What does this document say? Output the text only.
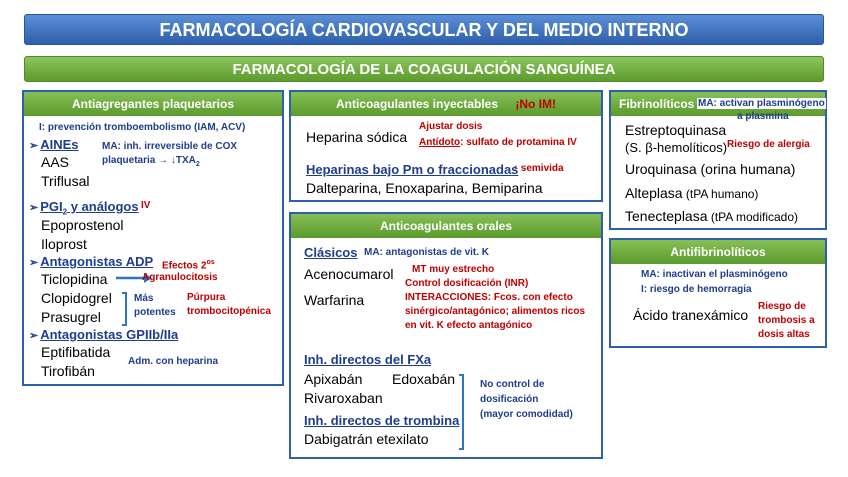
FARMACOLOGÍA CARDIOVASCULAR Y DEL MEDIO INTERNO
FARMACOLOGÍA DE LA COAGULACIÓN SANGUÍNEA
Antiagregantes plaquetarios
I: prevención tromboembolismo (IAM, ACV)
➢ AINEs MA: inh. irreversible de COX
plaquetaria → $↓TXA_2$
AAS
Triflusal
➢ $PGI_2$ y análogos IV
Epoprostenol
Iloprost
➢ Antagonistas ADP Efectos $2^{os}$
Ticlopidina	Agranulocitosis
Clopidogrel
Prasugrel
Más
potentes
Púrpura
trombocitopénica
➢ Antagonistas GPIIb/IIa
Eptifibatida
Tirofibán
Adm. con heparina
Anticoagulantes inyectables ¡No IM!
Heparina sódica
Ajustar dosis
Antídoto: sulfato de protamina IV
Heparinas bajo Pm o fraccionadas
↑ semivida
Dalteparina, Enoxaparina, Bemiparina
Anticoagulantes orales
Clásicos MA: antagonistas de vit. K
Acenocumarol MT muy estrecho
Control dosificación (INR)
Warfarina	INTERACCIONES: Fcos. con efecto
sinérgico/antagónico; alimentos ricos
en vit. K efecto antagónico
Inh. directos del FXa
Apixabán Edoxabán
Rivaroxaban
Inh. directos de trombina
Dabigatrán etexilato
No control de
dosificación
(mayor comodidad)
Fibrinolíticos MA: activan plasminógeno
a plasmina
Estreptoquinasa
(S. β-hemolíticos) Riesgo de alergia
Uroquinasa (orina humana)
Alteplasa (tPA humano)
Tenecteplasa (tPA modificado)
Antifibrinolíticos
MA: inactivan el plasminógeno
I: riesgo de hemorragia
Ácido tranexámico
Riesgo de
trombosis a
dosis altas
